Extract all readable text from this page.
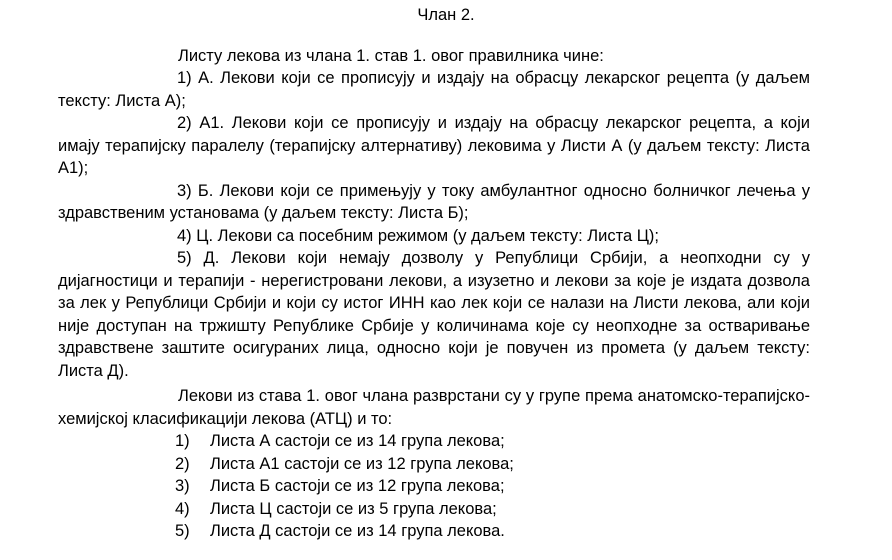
Члан 2.
Листу лекова из члана 1. став 1. овог правилника чине:
1) А. Лекови који се прописују и издају на обрасцу лекарског рецепта (у даљем тексту: Листа А);
2) А1. Лекови који се прописују и издају на обрасцу лекарског рецепта, а који имају терапијску паралелу (терапијску алтернативу) лековима у Листи А (у даљем тексту: Листа А1);
3) Б. Лекови који се примењују у току амбулантног односно болничког лечења у здравственим установама (у даљем тексту: Листа Б);
4) Ц. Лекови са посебним режимом (у даљем тексту: Листа Ц);
5) Д. Лекови који немају дозволу у Републици Србији, а неопходни су у дијагностици и терапији - нерегистровани лекови, а изузетно и лекови за које је издата дозвола за лек у Републици Србији и који су истог ИНН као лек који се налази на Листи лекова, али који није доступан на тржишту Републике Србије у количинама које су неопходне за остваривање здравствене заштите осигураних лица, односно који је повучен из промета (у даљем тексту: Листа Д).
Лекови из става 1. овог члана разврстани су у групе према анатомско-терапијско-хемијској класификацији лекова (АТЦ) и то:
1)	Листа А састоји се из 14 група лекова;
2)	Листа А1 састоји се из 12 група лекова;
3)	Листа Б састоји се из 12 група лекова;
4)	Листа Ц састоји се из 5 група лекова;
5)	Листа Д састоји се из 14 група лекова.
